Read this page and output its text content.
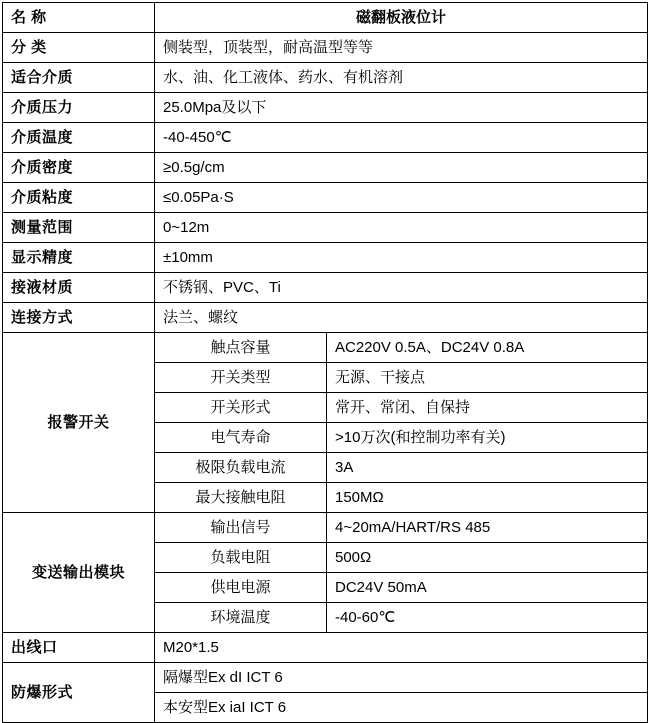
名 称	磁翻板液位计	
分 类	侧装型，顶装型，耐高温型等等	
适合介质	水、油、化工液体、药水、有机溶剂	
介质压力	25.0Mpa及以下	
介质温度	-40-450℃	
介质密度	≥0.5g/cm	
介质粘度	≤0.05Pa·S	
测量范围	0~12m	
显示精度	±10mm	
接液材质	不锈钢、PVC、Ti	
连接方式	法兰、螺纹	
报警开关	触点容量	AC220V 0.5A、DC24V 0.8A
	开关类型	无源、干接点
	开关形式	常开、常闭、自保持
	电气寿命	>10万次(和控制功率有关)
	极限负载电流	3A
	最大接触电阻	150MΩ
变送输出模块	输出信号	4~20mA/HART/RS 485
	负载电阻	500Ω
	供电电源	DC24V 50mA
	环境温度	-40-60℃
出线口	M20*1.5	
防爆形式	隔爆型Ex dI ICT 6	
	本安型Ex iaI ICT 6	
